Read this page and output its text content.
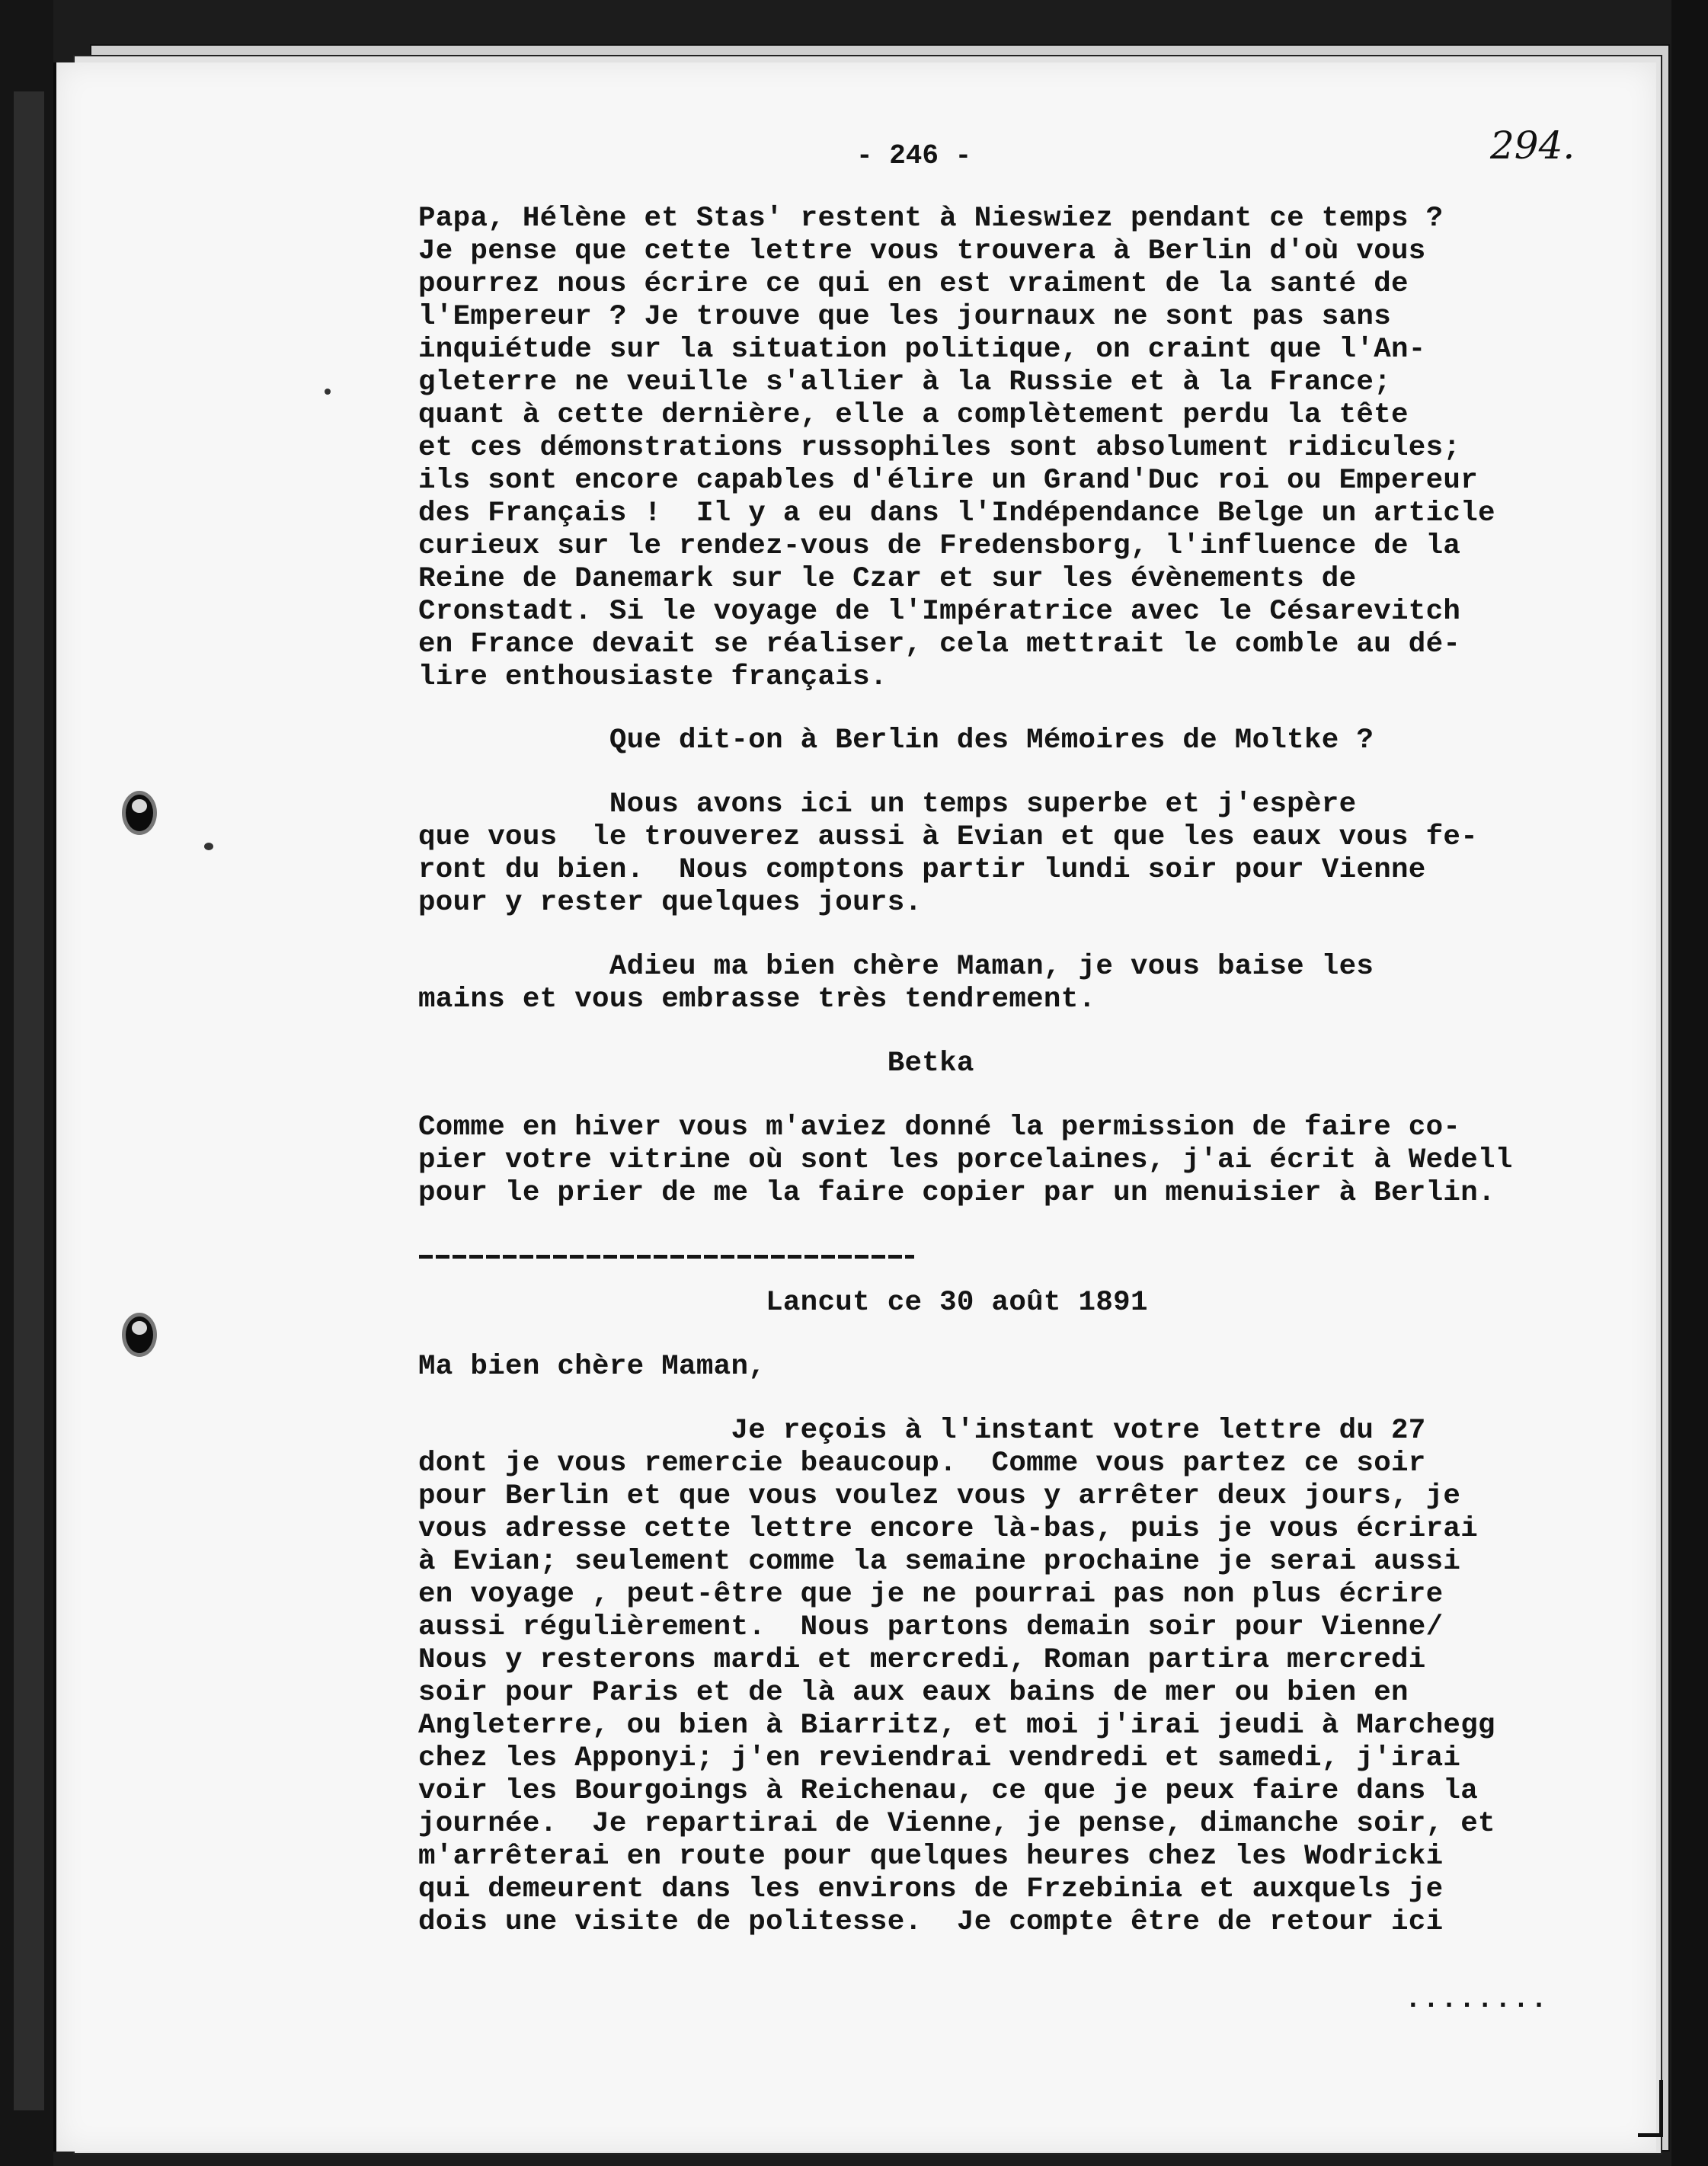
- 246 -	294.
Papa, Hélène et Stas' restent à Nieswiez pendant ce temps ?
Je pense que cette lettre vous trouvera à Berlin d'où vous
pourrez nous écrire ce qui en est vraiment de la santé de
l'Empereur ? Je trouve que les journaux ne sont pas sans
inquiétude sur la situation politique, on craint que l'An-
gleterre ne veuille s'allier à la Russie et à la France;
quant à cette dernière, elle a complètement perdu la tête
et ces démonstrations russophiles sont absolument ridicules;
ils sont encore capables d'élire un Grand'Duc roi ou Empereur
des Français !  Il y a eu dans l'Indépendance Belge un article
curieux sur le rendez-vous de Fredensborg, l'influence de la
Reine de Danemark sur le Czar et sur les évènements de
Cronstadt. Si le voyage de l'Impératrice avec le Césarevitch
en France devait se réaliser, cela mettrait le comble au dé-
lire enthousiaste français.
Que dit-on à Berlin des Mémoires de Moltke ?
Nous avons ici un temps superbe et j'espère
que vous  le trouverez aussi à Evian et que les eaux vous fe-
ront du bien.  Nous comptons partir lundi soir pour Vienne
pour y rester quelques jours.
Adieu ma bien chère Maman, je vous baise les
mains et vous embrasse très tendrement.
Betka
Comme en hiver vous m'aviez donné la permission de faire co-
pier votre vitrine où sont les porcelaines, j'ai écrit à Wedell
pour le prier de me la faire copier par un menuisier à Berlin.
Lancut ce 30 août 1891
Ma bien chère Maman,
Je reçois à l'instant votre lettre du 27
dont je vous remercie beaucoup.  Comme vous partez ce soir
pour Berlin et que vous voulez vous y arrêter deux jours, je
vous adresse cette lettre encore là-bas, puis je vous écrirai
à Evian; seulement comme la semaine prochaine je serai aussi
en voyage , peut-être que je ne pourrai pas non plus écrire
aussi régulièrement.  Nous partons demain soir pour Vienne/
Nous y resterons mardi et mercredi, Roman partira mercredi
soir pour Paris et de là aux eaux bains de mer ou bien en
Angleterre, ou bien à Biarritz, et moi j'irai jeudi à Marchegg
chez les Apponyi; j'en reviendrai vendredi et samedi, j'irai
voir les Bourgoings à Reichenau, ce que je peux faire dans la
journée.  Je repartirai de Vienne, je pense, dimanche soir, et
m'arrêterai en route pour quelques heures chez les Wodricki
qui demeurent dans les environs de Frzebinia et auxquels je
dois une visite de politesse.  Je compte être de retour ici
........
